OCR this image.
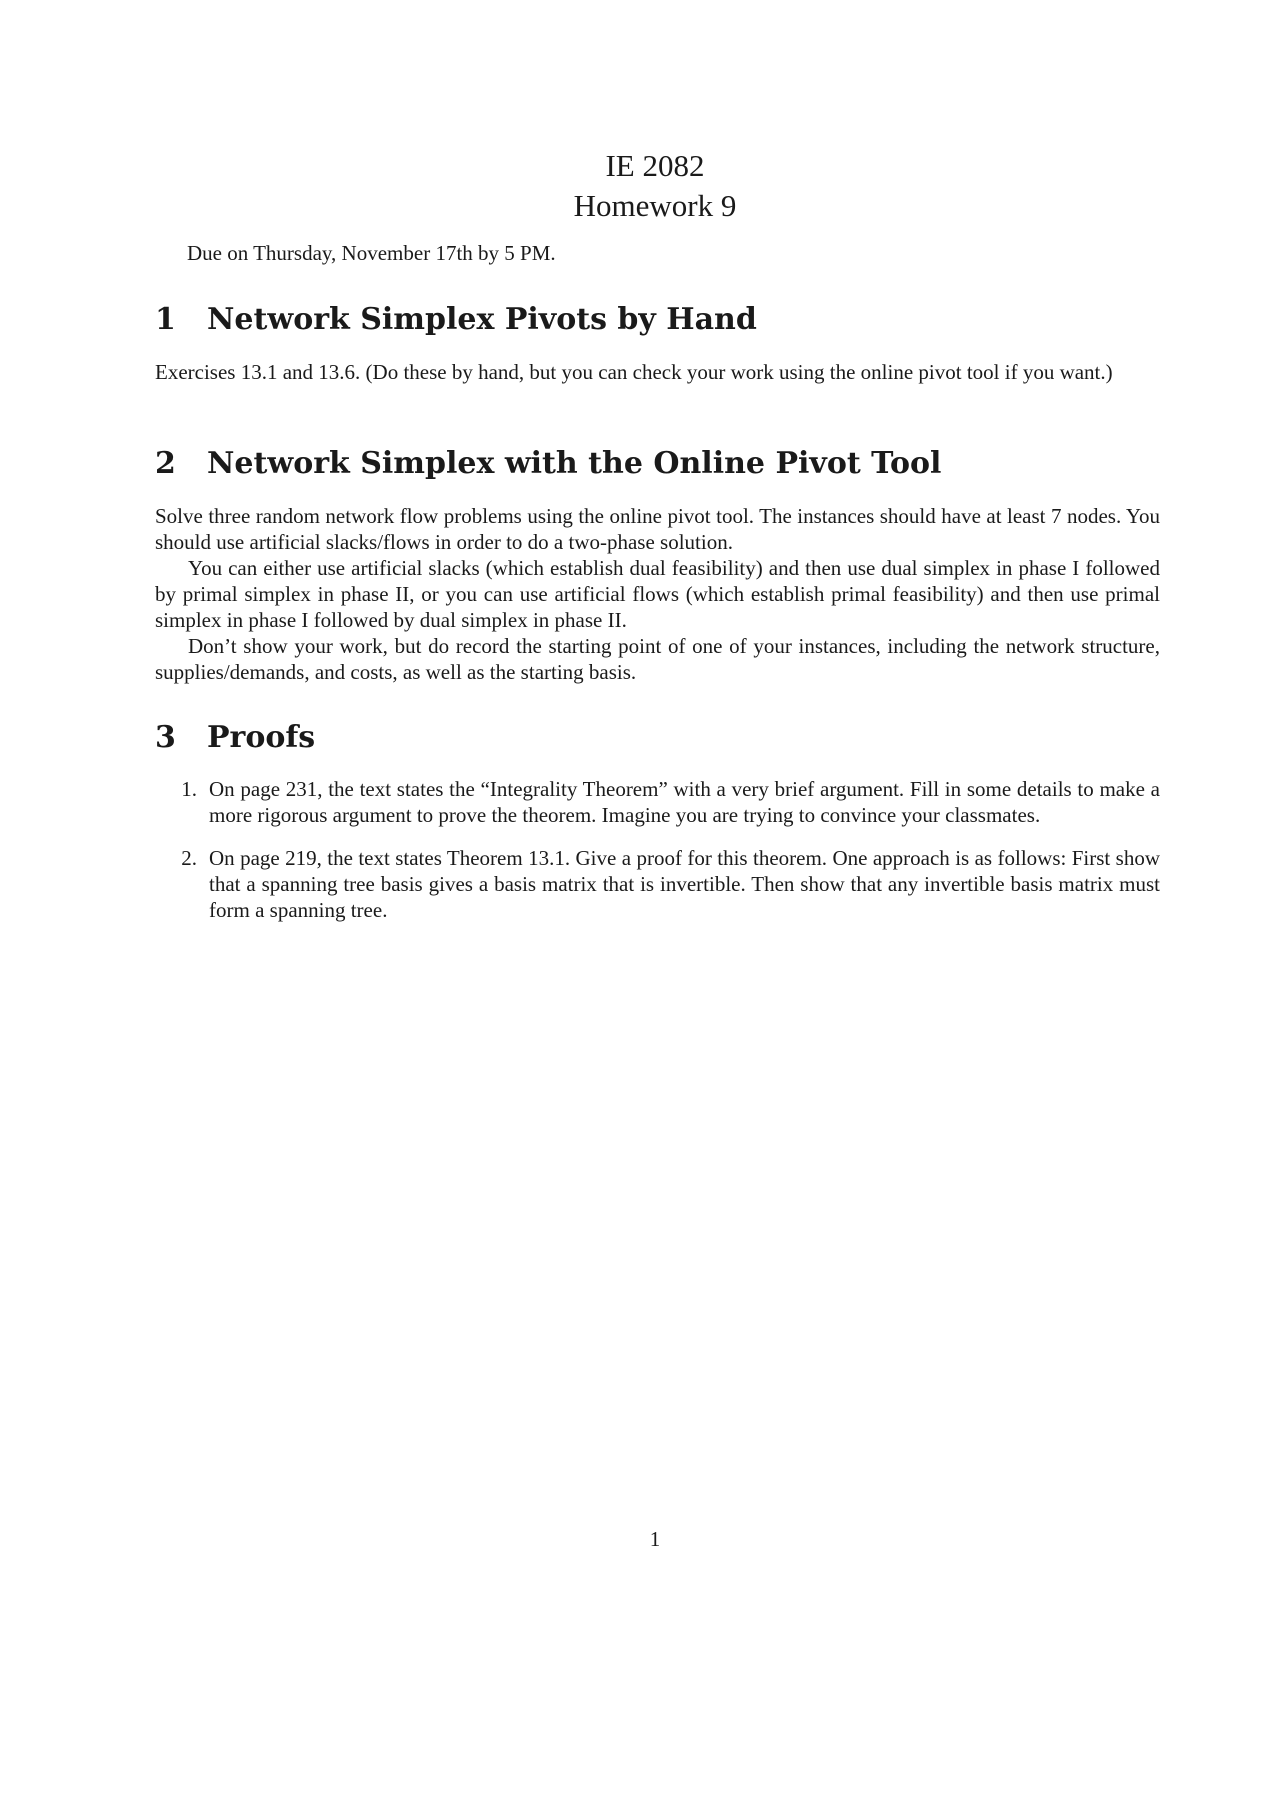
IE 2082
Homework 9
Due on Thursday, November 17th by 5 PM.
1	Network Simplex Pivots by Hand

Exercises 13.1 and 13.6. (Do these by hand, but you can check your work using the online pivot tool if you want.)

2	Network Simplex with the Online Pivot Tool

Solve three random network flow problems using the online pivot tool. The instances should have at least 7 nodes. You should use artificial slacks/flows in order to do a two-phase solution.

You can either use artificial slacks (which establish dual feasibility) and then use dual simplex in phase I followed by primal simplex in phase II, or you can use artificial flows (which establish primal feasibility) and then use primal simplex in phase I followed by dual simplex in phase II.

Don’t show your work, but do record the starting point of one of your instances, including the network structure, supplies/demands, and costs, as well as the starting basis.

3	Proofs
1. On page 231, the text states the “Integrality Theorem” with a very brief argument. Fill in some details to make a more rigorous argument to prove the theorem. Imagine you are trying to convince your classmates.
2. On page 219, the text states Theorem 13.1. Give a proof for this theorem. One approach is as follows: First show that a spanning tree basis gives a basis matrix that is invertible. Then show that any invertible basis matrix must form a spanning tree.
1
